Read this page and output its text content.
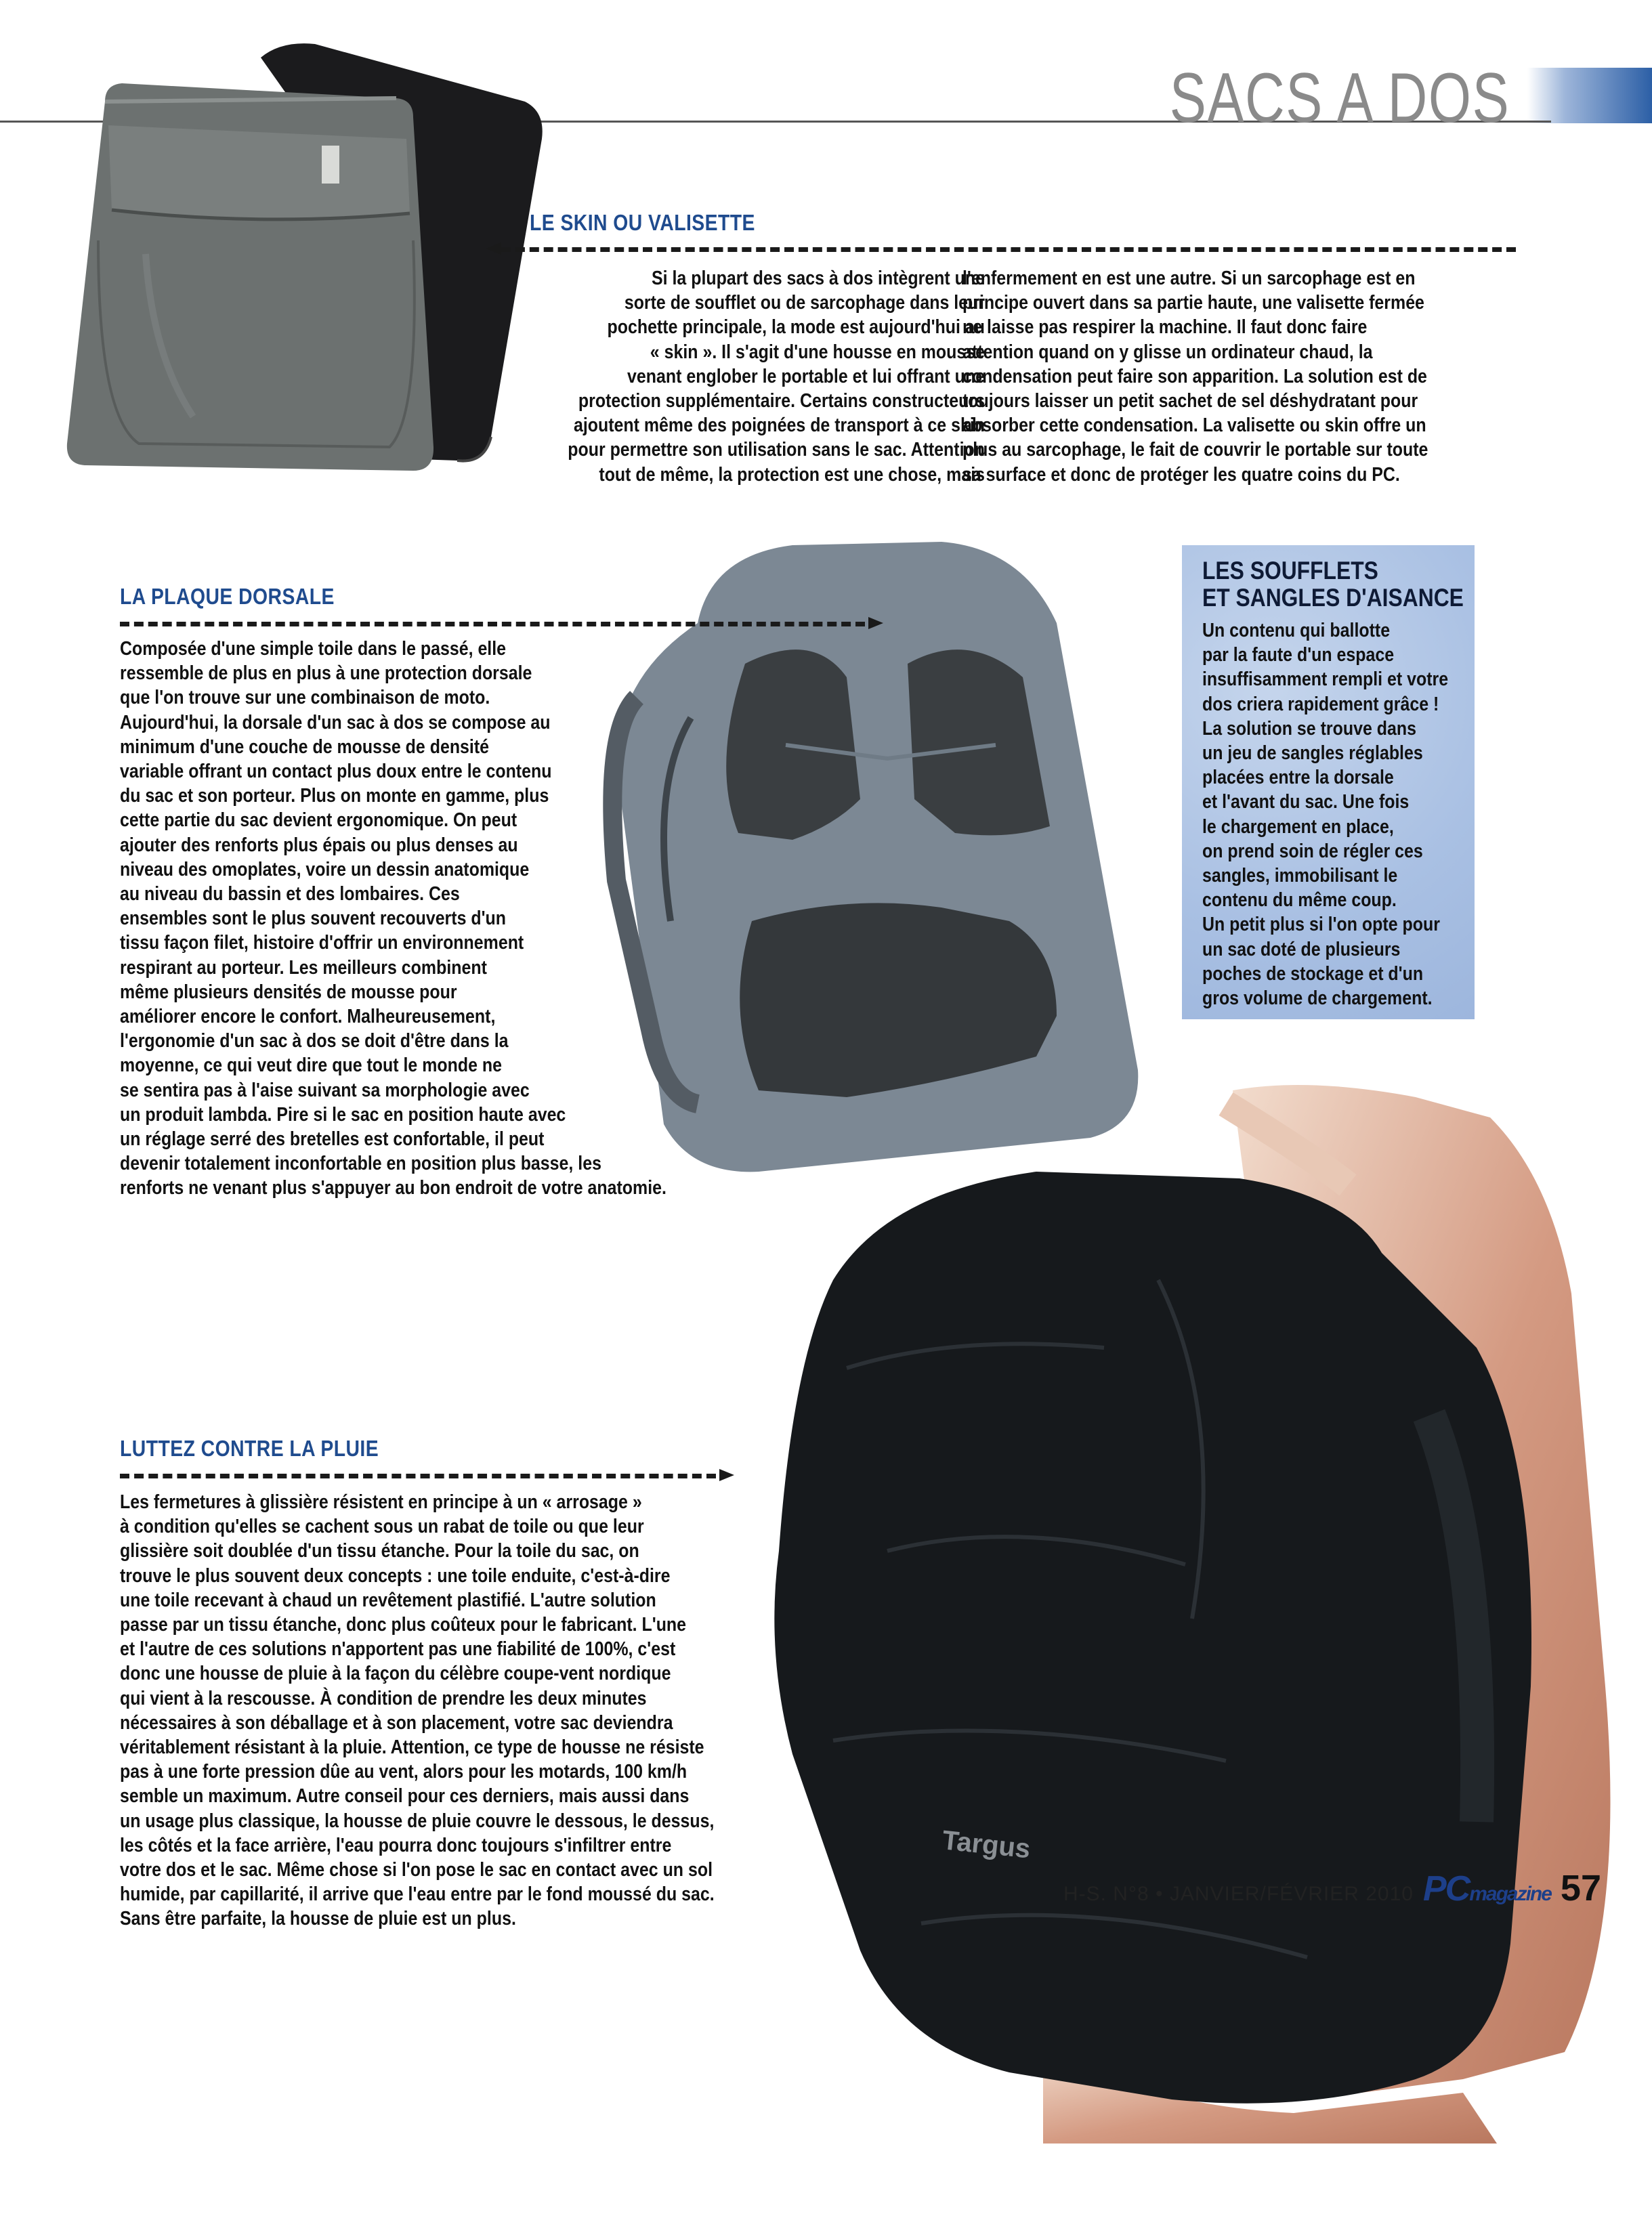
SACS A DOS
LE SKIN OU VALISETTE
Si la plupart des sacs à dos intègrent une
sorte de soufflet ou de sarcophage dans leur
pochette principale, la mode est aujourd'hui au
« skin ». Il s'agit d'une housse en mousse
venant englober le portable et lui offrant une
protection supplémentaire. Certains constructeurs
ajoutent même des poignées de transport à ce skin
pour permettre son utilisation sans le sac. Attention
tout de même, la protection est une chose, mais
l'enfermement en est une autre. Si un sarcophage est en
principe ouvert dans sa partie haute, une valisette fermée
ne laisse pas respirer la machine. Il faut donc faire
attention quand on y glisse un ordinateur chaud, la
condensation peut faire son apparition. La solution est de
toujours laisser un petit sachet de sel déshydratant pour
absorber cette condensation. La valisette ou skin offre un
plus au sarcophage, le fait de couvrir le portable sur toute
sa surface et donc de protéger les quatre coins du PC.
LA PLAQUE DORSALE
Composée d'une simple toile dans le passé, elle
ressemble de plus en plus à une protection dorsale
que l'on trouve sur une combinaison de moto.
Aujourd'hui, la dorsale d'un sac à dos se compose au
minimum d'une couche de mousse de densité
variable offrant un contact plus doux entre le contenu
du sac et son porteur. Plus on monte en gamme, plus
cette partie du sac devient ergonomique. On peut
ajouter des renforts plus épais ou plus denses au
niveau des omoplates, voire un dessin anatomique
au niveau du bassin et des lombaires. Ces
ensembles sont le plus souvent recouverts d'un
tissu façon filet, histoire d'offrir un environnement
respirant au porteur. Les meilleurs combinent
même plusieurs densités de mousse pour
améliorer encore le confort. Malheureusement,
l'ergonomie d'un sac à dos se doit d'être dans la
moyenne, ce qui veut dire que tout le monde ne
se sentira pas à l'aise suivant sa morphologie avec
un produit lambda. Pire si le sac en position haute avec
un réglage serré des bretelles est confortable, il peut
devenir totalement inconfortable en position plus basse, les
renforts ne venant plus s'appuyer au bon endroit de votre anatomie.
LES SOUFFLETS
ET SANGLES D'AISANCE
Un contenu qui ballotte
par la faute d'un espace
insuffisamment rempli et votre
dos criera rapidement grâce !
La solution se trouve dans
un jeu de sangles réglables
placées entre la dorsale
et l'avant du sac. Une fois
le chargement en place,
on prend soin de régler ces
sangles, immobilisant le
contenu du même coup.
Un petit plus si l'on opte pour
un sac doté de plusieurs
poches de stockage et d'un
gros volume de chargement.
Targus
LUTTEZ CONTRE LA PLUIE
Les fermetures à glissière résistent en principe à un « arrosage »
à condition qu'elles se cachent sous un rabat de toile ou que leur
glissière soit doublée d'un tissu étanche. Pour la toile du sac, on
trouve le plus souvent deux concepts : une toile enduite, c'est-à-dire
une toile recevant à chaud un revêtement plastifié. L'autre solution
passe par un tissu étanche, donc plus coûteux pour le fabricant. L'une
et l'autre de ces solutions n'apportent pas une fiabilité de 100%, c'est
donc une housse de pluie à la façon du célèbre coupe-vent nordique
qui vient à la rescousse. À condition de prendre les deux minutes
nécessaires à son déballage et à son placement, votre sac deviendra
véritablement résistant à la pluie. Attention, ce type de housse ne résiste
pas à une forte pression dûe au vent, alors pour les motards, 100 km/h
semble un maximum. Autre conseil pour ces derniers, mais aussi dans
un usage plus classique, la housse de pluie couvre le dessous, le dessus,
les côtés et la face arrière, l'eau pourra donc toujours s'infiltrer entre
votre dos et le sac. Même chose si l'on pose le sac en contact avec un sol
humide, par capillarité, il arrive que l'eau entre par le fond moussé du sac.
Sans être parfaite, la housse de pluie est un plus.
H-S. N°8 • JANVIER/FÉVRIER 2010 PCmagazine 57
